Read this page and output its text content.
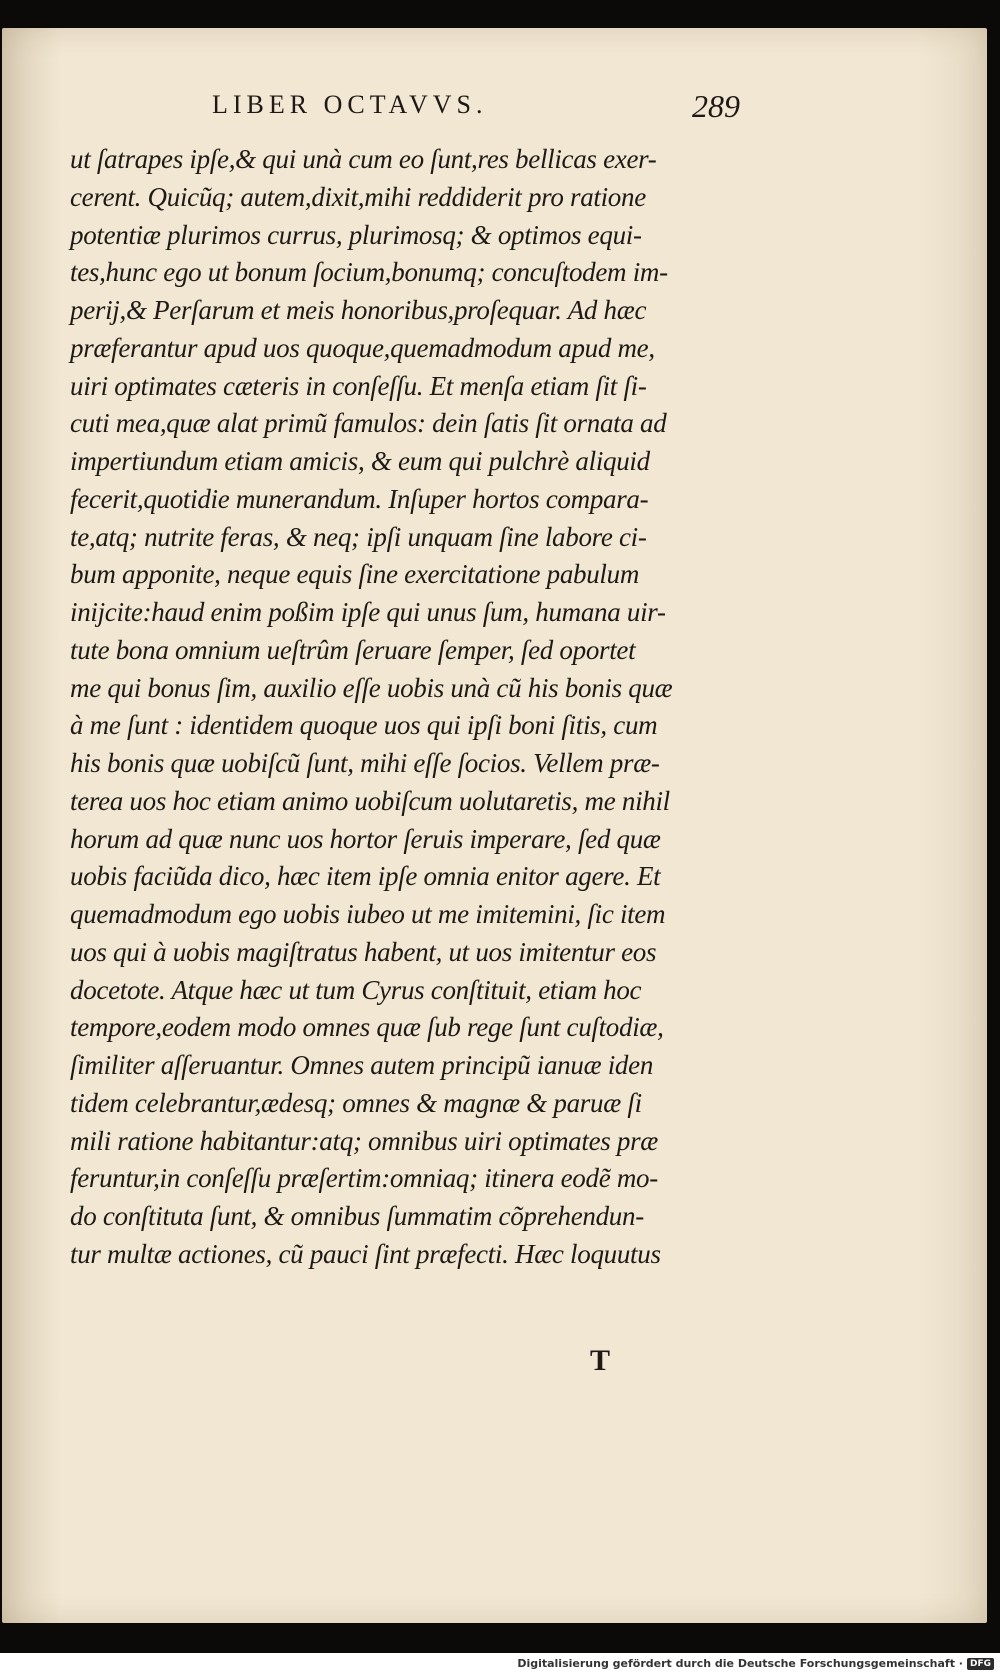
LIBER OCTAVVS.	289
ut ſatrapes ipſe,& qui unà cum eo ſunt,res bellicas exer-
cerent. Quicũq; autem,dixit,mihi reddiderit pro ratione
potentiæ plurimos currus, plurimosq; & optimos equi-
tes,hunc ego ut bonum ſocium,bonumq; concuſtodem im-
perij,& Perſarum et meis honoribus,proſequar. Ad hæc
præferantur apud uos quoque,quemadmodum apud me,
uiri optimates cæteris in conſeſſu. Et menſa etiam ſit ſi-
cuti mea,quæ alat primũ famulos: dein ſatis ſit ornata ad
impertiundum etiam amicis, & eum qui pulchrè aliquid
fecerit,quotidie munerandum. Inſuper hortos compara-
te,atq; nutrite feras, & neq; ipſi unquam ſine labore ci-
bum apponite, neque equis ſine exercitatione pabulum
inijcite:haud enim poßim ipſe qui unus ſum, humana uir-
tute bona omnium ueſtrûm ſeruare ſemper, ſed oportet
me qui bonus ſim, auxilio eſſe uobis unà cũ his bonis quæ
à me ſunt : identidem quoque uos qui ipſi boni ſitis, cum
his bonis quæ uobiſcũ ſunt, mihi eſſe ſocios. Vellem præ-
terea uos hoc etiam animo uobiſcum uolutaretis, me nihil
horum ad quæ nunc uos hortor ſeruis imperare, ſed quæ
uobis faciũda dico, hæc item ipſe omnia enitor agere. Et
quemadmodum ego uobis iubeo ut me imitemini, ſic item
uos qui à uobis magiſtratus habent, ut uos imitentur eos
docetote. Atque hæc ut tum Cyrus conſtituit, etiam hoc
tempore,eodem modo omnes quæ ſub rege ſunt cuſtodiæ,
ſimiliter aſſeruantur. Omnes autem principũ ianuæ iden
tidem celebrantur,ædesq; omnes & magnæ & paruæ ſi
mili ratione habitantur:atq; omnibus uiri optimates præ
feruntur,in conſeſſu præſertim:omniaq; itinera eodẽ mo-
do conſtituta ſunt, & omnibus ſummatim cõprehendun-
tur multæ actiones, cũ pauci ſint præfecti. Hæc loquutus
T
Digitalisierung gefördert durch die Deutsche Forschungsgemeinschaft · DFG
